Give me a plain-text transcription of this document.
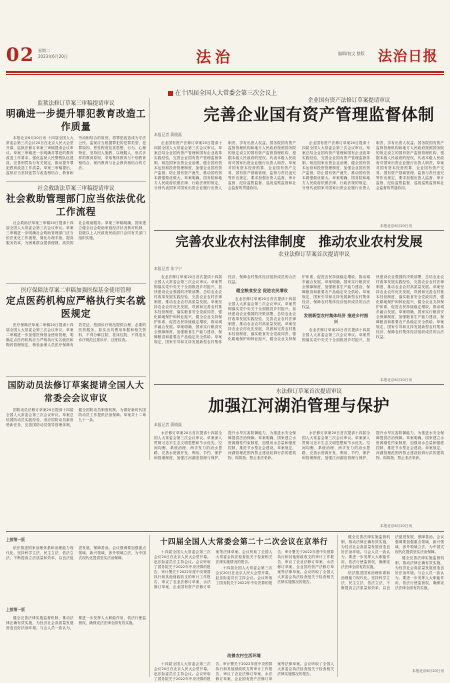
02 星期二
2023年6月20日	法治	编辑/校文 整版 法治日报
在十四届全国人大常委会第三次会议上
监狱法修订草案三审稿提请审议
明确进一步提升罪犯教育改造工作质量

本报北京6月20日讯 十四届全国人大常委会第三次会议20日在北京人民大会堂开幕，监狱法修订草案三审稿提请会议审议。草案三审稿进一步明确对罪犯的教育改造工作要求，强化监狱人民警察队伍建设，完善刑罚执行有关规定，推动提升罪犯教育改造工作质量。草案三审稿提出，监狱应当坚持惩罚与改造相结合、教育和劳动相结合的原则，将罪犯改造成为守法公民。监狱应当根据罪犯的犯罪类型、犯罪原因、恶性程度及其思想、行为、心理特征，坚持因人施教、以理服人、形式多样的教育原则，采取集体教育与个别教育相结合、狱内教育与社会教育相结合的方法。

社会救助法草案三审稿提请审议
社会救助管理部门应当依法优化工作流程

社会救助法草案三审稿20日提请十四届全国人大常委会第三次会议审议。草案三审稿进一步明确社会救助管理部门应当依法优化工作流程，简化办理手续，提高服务效率，为困难群众提供便捷、高效的社会救助服务。草案三审稿明确，国家建立健全社会救助家庭经济状况核对机制，县级以上人民政府民政部门会同有关部门组织实施。

医疗保障法草案二审稿加强医保基金使用管理
定点医药机构应严格执行实名就医规定

医疗保障法草案二审稿20日提请十四届全国人大常委会第三次会议审议。草案二审稿进一步加强医保基金使用管理，明确定点医药机构应当严格执行实名就医和购药管理规定，核验参保人员医疗保障有效凭证，按照诊疗规范提供合理、必要的医药服务，如实出具费用单据和相关资料，不得分解住院、挂床住院，不得违反诊疗规范过度诊疗、过度检查。

国防动员法修订草案提请全国人大常委会会议审议

国防动员法修订草案20日提请十四届全国人大常委会第三次会议审议。草案总结国防动员实践经验，适应国防动员新形势新任务，完善国防动员领导管理体制，健全国防动员制度机制，为做好新时代国防动员工作提供法治保障。草案共十二章九十一条。

企业国有资产法修订草案提请审议
完善企业国有资产管理监督体制
本报记者 蒲晓磊

企业国有资产法修订草案20日提请十四届全国人大常委会第三次会议审议。草案总结企业国有资产管理和国有企业改革实践经验，完善企业国有资产管理监督体制，规范国家出资企业治理，健全国有资本运营和投资管理制度，加强企业国有资产监督，防止国有资产流失，推动国有资本做强做优做大。草案明确，国务院和地方人民政府依照法律、行政法规的规定，分别代表国家对国家出资企业履行出资人职责，享有出资人权益。国务院国有资产监督管理机构和地方人民政府按照国务院的规定设立的国有资产监督管理机构，根据本级人民政府的授权，代表本级人民政府对国家出资企业履行出资人职责。草案对国有资本经营预算、企业国有资产交易、国有资产基础管理、监督与责任追究等作出规定，要求加强出资人监督、审计监督、纪检监察监督、巡视巡察监督和社会监督的贯通协同。

企业国有资产法修订草案20日提请十四届全国人大常委会第三次会议审议。草案总结企业国有资产管理和国有企业改革实践经验，完善企业国有资产管理监督体制，规范国家出资企业治理，健全国有资本运营和投资管理制度，加强企业国有资产监督，防止国有资产流失，推动国有资本做强做优做大。草案明确，国务院和地方人民政府依照法律、行政法规的规定，分别代表国家对国家出资企业履行出资人职责，享有出资人权益。国务院国有资产监督管理机构和地方人民政府按照国务院的规定设立的国有资产监督管理机构，根据本级人民政府的授权，代表本级人民政府对国家出资企业履行出资人职责。草案对国有资本经营预算、企业国有资产交易、国有资产基础管理、监督与责任追究等作出规定，要求加强出资人监督、审计监督、纪检监察监督、巡视巡察监督和社会监督的贯通协同。

本报北京6月20日讯
完善农业农村法律制度　推动农业农村发展
农业法修订草案首次提请审议
本报记者 朱宁宁

农业法修订草案20日首次提请十四届全国人大常委会第三次会议审议。草案贯彻落实党中央关于全面推进乡村振兴、加快建设农业强国的决策部署，总结农业农村改革发展实践经验，完善农业农村法律制度，推动农业农村高质量发展。草案坚持农业农村优先发展，巩固和完善农村基本经营制度，落实粮食安全党政同责，强化耕地保护和种业振兴，健全农业支持保护体系，促进农民持续稳定增收，推动城乡融合发展。草案明确，国家实行粮食安全保障制度，加强粮食生产能力建设，保障粮食和重要农产品稳定安全供给。草案规定，国家引导和支持发展新型农村集体经济，保障农村集体经济组织成员的合法权益。

健全粮食安全 促进农民增收

农业法修订草案20日首次提请十四届全国人大常委会第三次会议审议。草案贯彻落实党中央关于全面推进乡村振兴、加快建设农业强国的决策部署，总结农业农村改革发展实践经验，完善农业农村法律制度，推动农业农村高质量发展。草案坚持农业农村优先发展，巩固和完善农村基本经营制度，落实粮食安全党政同责，强化耕地保护和种业振兴，健全农业支持保护体系，促进农民持续稳定增收，推动城乡融合发展。草案明确，国家实行粮食安全保障制度，加强粮食生产能力建设，保障粮食和重要农产品稳定安全供给。草案规定，国家引导和支持发展新型农村集体经济，保障农村集体经济组织成员的合法权益。

发展新型农村集体经济 推进乡村振兴

农业法修订草案20日首次提请十四届全国人大常委会第三次会议审议。草案贯彻落实党中央关于全面推进乡村振兴、加快建设农业强国的决策部署，总结农业农村改革发展实践经验，完善农业农村法律制度，推动农业农村高质量发展。草案坚持农业农村优先发展，巩固和完善农村基本经营制度，落实粮食安全党政同责，强化耕地保护和种业振兴，健全农业支持保护体系，促进农民持续稳定增收，推动城乡融合发展。草案明确，国家实行粮食安全保障制度，加强粮食生产能力建设，保障粮食和重要农产品稳定安全供给。草案规定，国家引导和支持发展新型农村集体经济，保障农村集体经济组织成员的合法权益。

本报北京6月20日讯
水法修订草案首次提请审议
加强江河湖泊管理与保护
本报记者 蒲晓磊

水法修订草案20日首次提请十四届全国人大常委会第三次会议审议。草案深入贯彻习近平生态文明思想和节水优先、空间均衡、系统治理、两手发力的治水思路，完善水资源开发、利用、节约、保护和管理制度，加强江河湖泊管理与保护，提升水旱灾害防御能力，为推进水安全保障提供法治保障。草案明确，国家建立水资源刚性约束制度，加强用水总量和强度控制，推进节水型社会建设。草案规定，河湖管理范围内禁止建设妨碍行洪的建筑物、构筑物，禁止非法采砂。

水法修订草案20日首次提请十四届全国人大常委会第三次会议审议。草案深入贯彻习近平生态文明思想和节水优先、空间均衡、系统治理、两手发力的治水思路，完善水资源开发、利用、节约、保护和管理制度，加强江河湖泊管理与保护，提升水旱灾害防御能力，为推进水安全保障提供法治保障。草案明确，国家建立水资源刚性约束制度，加强用水总量和强度控制，推进节水型社会建设。草案规定，河湖管理范围内禁止建设妨碍行洪的建筑物、构筑物，禁止非法采砂。

本报北京6月20日讯
上接第一版

依法推进国家治理体系和治理能力现代化，坚持科学立法、民主立法、依法立法，不断提高立法质量和效率，以良法促进发展、保障善治。会议强调要加强重点领域、新兴领域、涉外领域立法，为中国式现代化提供坚实法治保障。

上接第一版

健全完善法律实施监督机制，推动法律正确有效实施，为经济社会高质量发展营造良好法治环境。与会人员一致认为，要进一步发挥人大职能作用，依法行使监督权，确保宪法法律全面有效实施。

十四届全国人大常委会第二十二次会议在京举行

十四届全国人大常委会第三次会议20日在北京人民大会堂开幕。赵乐际委员长主持会议。会议听取了国务院关于2022年中央决算的报告、审计署关于2022年度中央预算执行和其他财政收支的审计工作报告，审议了农业法修订草案、水法修订草案、企业国有资产法修订草案等法律草案。会议听取了全国人大常委会执法检查组关于检查相关法律实施情况的报告。

十四届全国人大常委会第三次会议20日在北京人民大会堂开幕。赵乐际委员长主持会议。会议听取了国务院关于2022年中央决算的报告、审计署关于2022年度中央预算执行和其他财政收支的审计工作报告，审议了农业法修订草案、水法修订草案、企业国有资产法修订草案等法律草案。会议听取了全国人大常委会执法检查组关于检查相关法律实施情况的报告。

改善农村生活环境

十四届全国人大常委会第三次会议20日在北京人民大会堂开幕。赵乐际委员长主持会议。会议听取了国务院关于2022年中央决算的报告、审计署关于2022年度中央预算执行和其他财政收支的审计工作报告，审议了农业法修订草案、水法修订草案、企业国有资产法修订草案等法律草案。会议听取了全国人大常委会执法检查组关于检查相关法律实施情况的报告。

健全完善法律实施监督机制，推动法律正确有效实施，为经济社会高质量发展营造良好法治环境。与会人员一致认为，要进一步发挥人大职能作用，依法行使监督权，确保宪法法律全面有效实施。

依法推进国家治理体系和治理能力现代化，坚持科学立法、民主立法、依法立法，不断提高立法质量和效率，以良法促进发展、保障善治。会议强调要加强重点领域、新兴领域、涉外领域立法，为中国式现代化提供坚实法治保障。

健全完善法律实施监督机制，推动法律正确有效实施，为经济社会高质量发展营造良好法治环境。与会人员一致认为，要进一步发挥人大职能作用，依法行使监督权，确保宪法法律全面有效实施。

本报北京6月20日讯
